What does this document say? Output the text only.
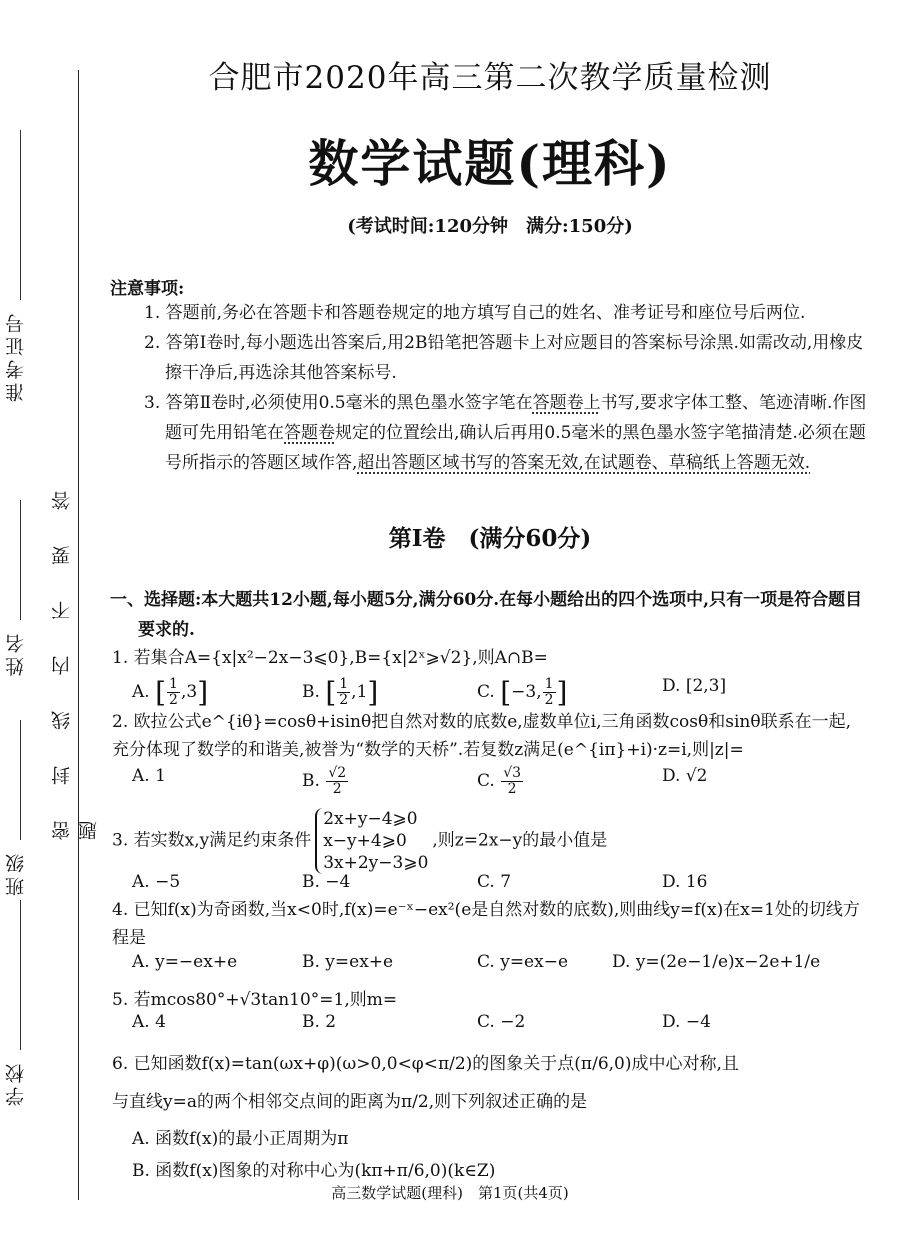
准考证号
姓名
班级
学校
密封线内不要答题
合肥市2020年高三第二次教学质量检测
数学试题(理科)
(考试时间:120分钟　满分:150分)
注意事项:
1. 答题前,务必在答题卡和答题卷规定的地方填写自己的姓名、准考证号和座位号后两位.
2. 答第Ⅰ卷时,每小题选出答案后,用2B铅笔把答题卡上对应题目的答案标号涂黑.如需改动,用橡皮擦干净后,再选涂其他答案标号.
3. 答第Ⅱ卷时,必须使用0.5毫米的黑色墨水签字笔在答题卷上书写,要求字体工整、笔迹清晰.作图题可先用铅笔在答题卷规定的位置绘出,确认后再用0.5毫米的黑色墨水签字笔描清楚.必须在题号所指示的答题区域作答,超出答题区域书写的答案无效,在试题卷、草稿纸上答题无效.
第Ⅰ卷　(满分60分)
一、选择题:本大题共12小题,每小题5分,满分60分.在每小题给出的四个选项中,只有一项是符合题目要求的.
1. 若集合A={x|x²−2x−3⩽0},B={x|2ˣ⩾√2},则A∩B=
A. [ $\frac{1}{2} ,3$]	B. [ $\frac{1}{2} ,1$]	C. [−3, $\frac{1}{2}$ ]	D. [2,3]
2. 欧拉公式e^{iθ}=cosθ+isinθ把自然对数的底数e,虚数单位i,三角函数cosθ和sinθ联系在一起,充分体现了数学的和谐美,被誉为“数学的天桥”.若复数z满足(e^{iπ}+i)·z=i,则|z|=
A. 1	B. $\frac{√2}{2}$	C. $\frac{√3}{2}$	D. √2
3. 若实数x,y满足约束条件
2x+y−4⩾0
x−y+4⩾0
3x+2y−3⩾0
,则z=2x−y的最小值是
A. −5	B. −4	C. 7	D. 16
4. 已知f(x)为奇函数,当x<0时,f(x)=e⁻ˣ−ex²(e是自然对数的底数),则曲线y=f(x)在x=1处的切线方程是
A. y=−ex+e	B. y=ex+e	C. y=ex−e	D. y=(2e−1/e)x−2e+1/e
5. 若mcos80°+√3tan10°=1,则m=
A. 4	B. 2	C. −2	D. −4
6. 已知函数f(x)=tan(ωx+φ)(ω>0,0<φ<π/2)的图象关于点(π/6,0)成中心对称,且
与直线y=a的两个相邻交点间的距离为π/2,则下列叙述正确的是
A. 函数f(x)的最小正周期为π
B. 函数f(x)图象的对称中心为(kπ+π/6,0)(k∈Z)
高三数学试题(理科)　第1页(共4页)
